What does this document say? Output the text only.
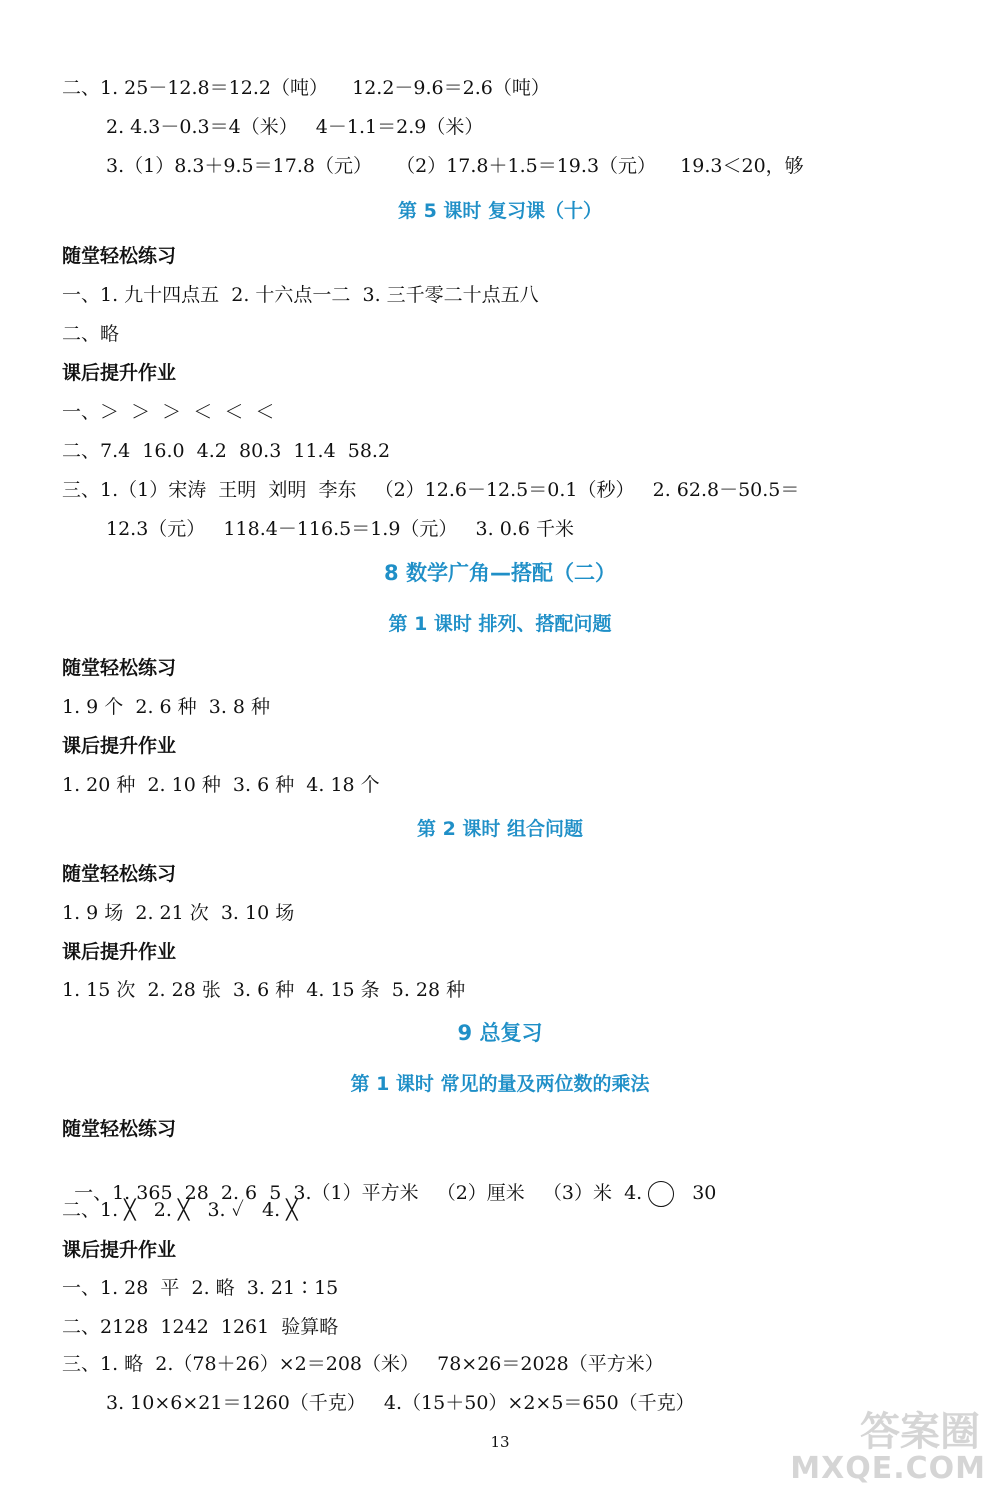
二、1. 25－12.8＝12.2（吨）    12.2－9.6＝2.6（吨）
2. 4.3－0.3＝4（米）   4－1.1＝2.9（米）
3.（1）8.3＋9.5＝17.8（元）    （2）17.8＋1.5＝19.3（元）    19.3＜20，够
第 5 课时 复习课（十）
随堂轻松练习
一、1. 九十四点五  2. 十六点一二  3. 三千零二十点五八
二、略
课后提升作业
一、＞  ＞  ＞  ＜  ＜  ＜
二、7.4  16.0  4.2  80.3  11.4  58.2
三、1.（1）宋涛  王明  刘明  李东   （2）12.6－12.5＝0.1（秒）   2. 62.8－50.5＝
12.3（元）   118.4－116.5＝1.9（元）   3. 0.6 千米
8 数学广角—搭配（二）
第 1 课时 排列、搭配问题
随堂轻松练习
1. 9 个  2. 6 种  3. 8 种
课后提升作业
1. 20 种  2. 10 种  3. 6 种  4. 18 个
第 2 课时 组合问题
随堂轻松练习
1. 9 场  2. 21 次  3. 10 场
课后提升作业
1. 15 次  2. 28 张  3. 6 种  4. 15 条  5. 28 种
9 总复习
第 1 课时 常见的量及两位数的乘法
随堂轻松练习

一、1. 365  28  2. 6  5  3.（1）平方米   （2）厘米   （3）米  4.	30

二、1. ╳   2. ╳   3. ✓   4. ╳
课后提升作业
一、1. 28  平  2. 略  3. 21∶15
二、2128  1242  1261  验算略
三、1. 略  2.（78＋26）×2＝208（米）   78×26＝2028（平方米）
3. 10×6×21＝1260（千克）   4.（15＋50）×2×5＝650（千克）
13	答案圈
MXQE.COM
